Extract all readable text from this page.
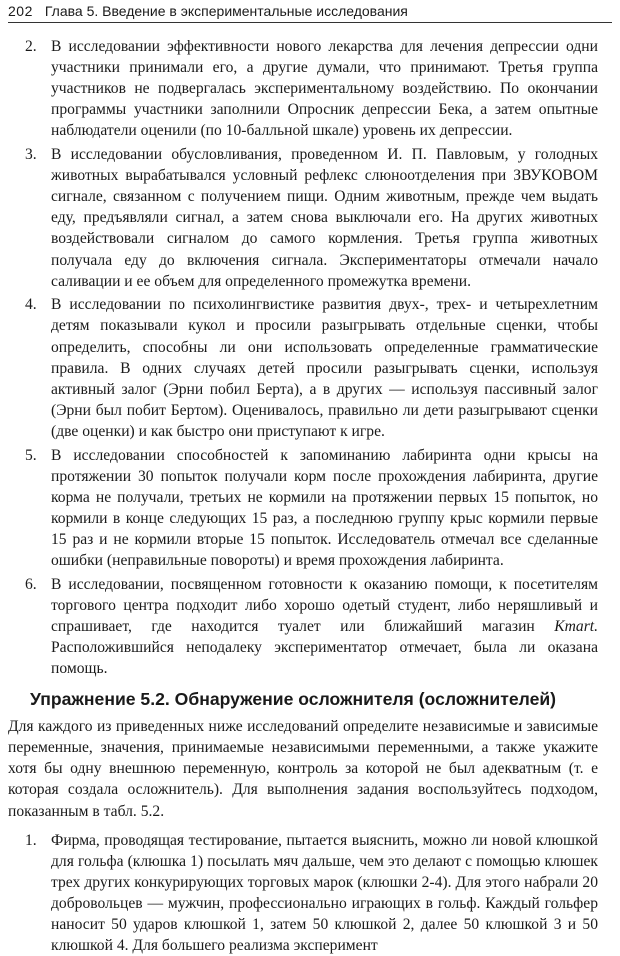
202 Глава 5. Введение в экспериментальные исследования
2. В исследовании эффективности нового лекарства для лечения депрессии одни участники принимали его, а другие думали, что принимают. Третья группа участников не подвергалась экспериментальному воздействию. По окончании программы участники заполнили Опросник депрессии Бека, а затем опытные наблюдатели оценили (по 10-балльной шкале) уровень их депрессии.
3. В исследовании обусловливания, проведенном И. П. Павловым, у голодных животных вырабатывался условный рефлекс слюноотделения при ЗВУКОВОМ сигнале, связанном с получением пищи. Одним животным, прежде чем выдать еду, предъявляли сигнал, а затем снова выключали его. На других животных воздействовали сигналом до самого кормления. Третья группа животных получала еду до включения сигнала. Экспериментаторы отмечали начало саливации и ее объем для определенного промежутка времени.
4. В исследовании по психолингвистике развития двух-, трех- и четырехлетним детям показывали кукол и просили разыгрывать отдельные сценки, чтобы определить, способны ли они использовать определенные грамматические правила. В одних случаях детей просили разыгрывать сценки, используя активный залог (Эрни побил Берта), а в других — используя пассивный залог (Эрни был побит Бертом). Оценивалось, правильно ли дети разыгрывают сценки (две оценки) и как быстро они приступают к игре.
5. В исследовании способностей к запоминанию лабиринта одни крысы на протяжении 30 попыток получали корм после прохождения лабиринта, другие корма не получали, третьих не кормили на протяжении первых 15 попыток, но кормили в конце следующих 15 раз, а последнюю группу крыс кормили первые 15 раз и не кормили вторые 15 попыток. Исследователь отмечал все сделанные ошибки (неправильные повороты) и время прохождения лабиринта.
6. В исследовании, посвященном готовности к оказанию помощи, к посетителям торгового центра подходит либо хорошо одетый студент, либо неряшливый и спрашивает, где находится туалет или ближайший магазин Kmart. Расположившийся неподалеку экспериментатор отмечает, была ли оказана помощь.
Упражнение 5.2. Обнаружение осложнителя (осложнителей)

Для каждого из приведенных ниже исследований определите независимые и зависимые переменные, значения, принимаемые независимыми переменными, а также укажите хотя бы одну внешнюю переменную, контроль за которой не был адекватным (т. е которая создала осложнитель). Для выполнения задания воспользуйтесь подходом, показанным в табл. 5.2.

1. Фирма, проводящая тестирование, пытается выяснить, можно ли новой клюшкой для гольфа (клюшка 1) посылать мяч дальше, чем это делают с помощью клюшек трех других конкурирующих торговых марок (клюшки 2-4). Для этого набрали 20 добровольцев — мужчин, профессионально играющих в гольф. Каждый гольфер наносит 50 ударов клюшкой 1, затем 50 клюшкой 2, далее 50 клюшкой 3 и 50 клюшкой 4. Для большего реализма эксперимент
